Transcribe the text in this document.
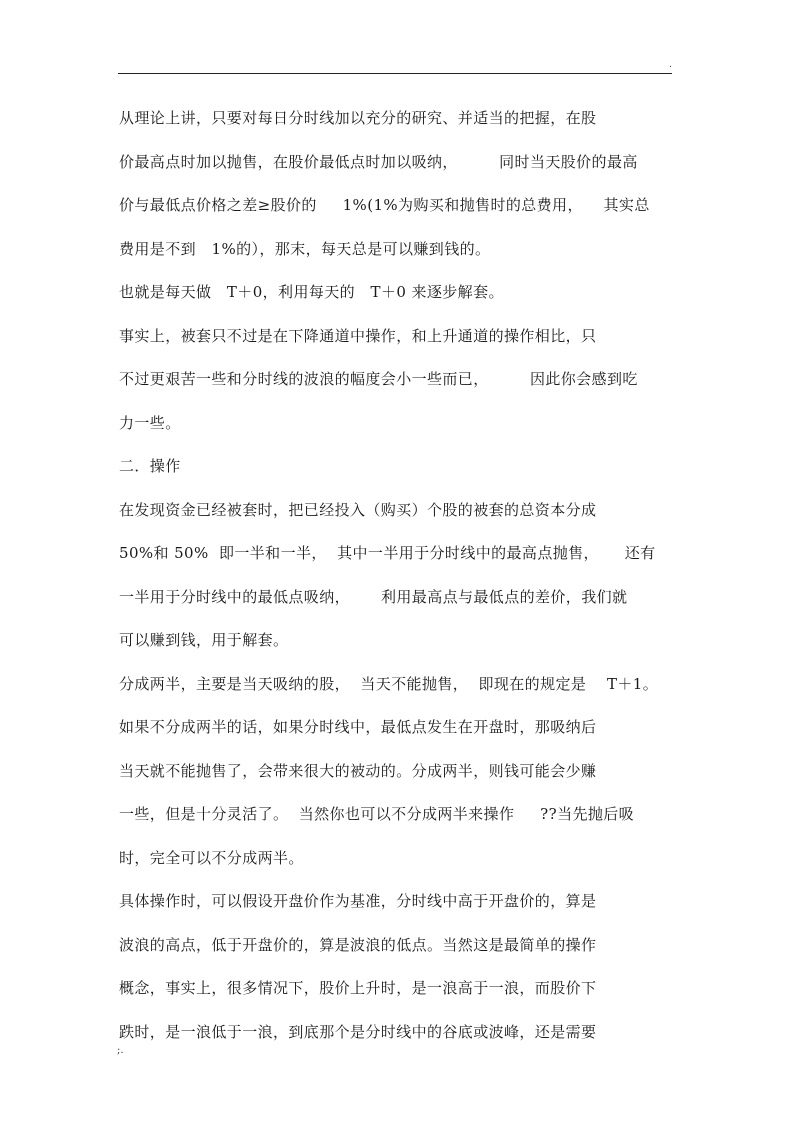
.
从理论上讲，只要对每日分时线加以充分的研究、并适当的把握，在股
价最高点时加以抛售，在股价最低点时加以吸纳，        同时当天股价的最高
价与最低点价格之差≥股价的     1%(1%为购买和抛售时的总费用，    其实总
费用是不到   1%的），那末，每天总是可以赚到钱的。
也就是每天做   T＋0，利用每天的   T＋0 来逐步解套。
事实上，被套只不过是在下降通道中操作，和上升通道的操作相比，只
不过更艰苦一些和分时线的波浪的幅度会小一些而已，        因此你会感到吃
力一些。
二．操作
在发现资金已经被套时，把已经投入（购买）个股的被套的总资本分成
50%和 50%  即一半和一半，  其中一半用于分时线中的最高点抛售，     还有
一半用于分时线中的最低点吸纳，      利用最高点与最低点的差价，我们就
可以赚到钱，用于解套。
分成两半，主要是当天吸纳的股，  当天不能抛售，  即现在的规定是    T＋1。
如果不分成两半的话，如果分时线中，最低点发生在开盘时，那吸纳后
当天就不能抛售了，会带来很大的被动的。分成两半，则钱可能会少赚
一些，但是十分灵活了。  当然你也可以不分成两半来操作     ??当先抛后吸
时，完全可以不分成两半。
具体操作时，可以假设开盘价作为基准，分时线中高于开盘价的，算是
波浪的高点，低于开盘价的，算是波浪的低点。当然这是最简单的操作
概念，事实上，很多情况下，股价上升时，是一浪高于一浪，而股价下
跌时，是一浪低于一浪，到底那个是分时线中的谷底或波峰，还是需要
;.
